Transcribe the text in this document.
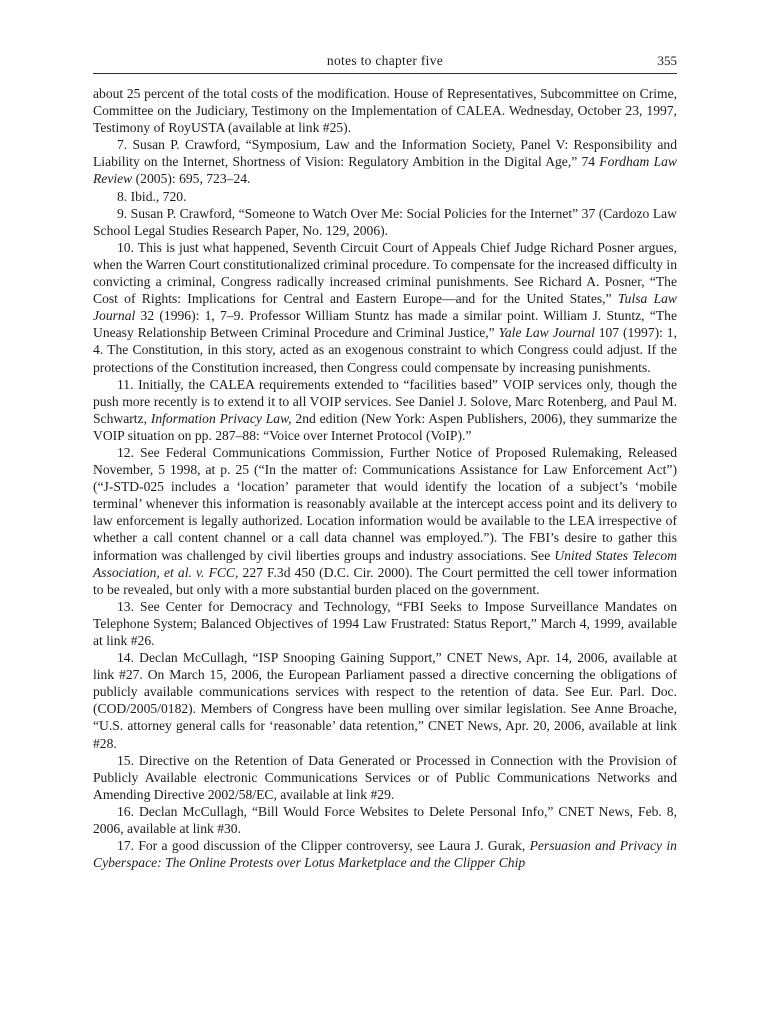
notes to chapter five	355

about 25 percent of the total costs of the modification. House of Representatives, Subcommittee on Crime, Committee on the Judiciary, Testimony on the Implementation of CALEA. Wednesday, October 23, 1997, Testimony of RoyUSTA (available at link #25).

7. Susan P. Crawford, “Symposium, Law and the Information Society, Panel V: Responsibility and Liability on the Internet, Shortness of Vision: Regulatory Ambition in the Digital Age,” 74 Fordham Law Review (2005): 695, 723–24.

8. Ibid., 720.

9. Susan P. Crawford, “Someone to Watch Over Me: Social Policies for the Internet” 37 (Cardozo Law School Legal Studies Research Paper, No. 129, 2006).

10. This is just what happened, Seventh Circuit Court of Appeals Chief Judge Richard Posner argues, when the Warren Court constitutionalized criminal procedure. To compensate for the increased difficulty in convicting a criminal, Congress radically increased criminal punishments. See Richard A. Posner, “The Cost of Rights: Implications for Central and Eastern Europe—and for the United States,” Tulsa Law Journal 32 (1996): 1, 7–9. Professor William Stuntz has made a similar point. William J. Stuntz, “The Uneasy Relationship Between Criminal Procedure and Criminal Justice,” Yale Law Journal 107 (1997): 1, 4. The Constitution, in this story, acted as an exogenous constraint to which Congress could adjust. If the protections of the Constitution increased, then Congress could compensate by increasing punishments.

11. Initially, the CALEA requirements extended to “facilities based” VOIP services only, though the push more recently is to extend it to all VOIP services. See Daniel J. Solove, Marc Rotenberg, and Paul M. Schwartz, Information Privacy Law, 2nd edition (New York: Aspen Publishers, 2006), they summarize the VOIP situation on pp. 287–88: “Voice over Internet Protocol (VoIP).”

12. See Federal Communications Commission, Further Notice of Proposed Rulemaking, Released November, 5 1998, at p. 25 (“In the matter of: Communications Assistance for Law Enforcement Act”) (“J-STD-025 includes a ‘location’ parameter that would identify the location of a subject’s ‘mobile terminal’ whenever this information is reasonably available at the intercept access point and its delivery to law enforcement is legally authorized. Location information would be available to the LEA irrespective of whether a call content channel or a call data channel was employed.”). The FBI’s desire to gather this information was challenged by civil liberties groups and industry associations. See United States Telecom Association, et al. v. FCC, 227 F.3d 450 (D.C. Cir. 2000). The Court permitted the cell tower information to be revealed, but only with a more substantial burden placed on the government.

13. See Center for Democracy and Technology, “FBI Seeks to Impose Surveillance Mandates on Telephone System; Balanced Objectives of 1994 Law Frustrated: Status Report,” March 4, 1999, available at link #26.

14. Declan McCullagh, “ISP Snooping Gaining Support,” CNET News, Apr. 14, 2006, available at link #27. On March 15, 2006, the European Parliament passed a directive concerning the obligations of publicly available communications services with respect to the retention of data. See Eur. Parl. Doc. (COD/2005/0182). Members of Congress have been mulling over similar legislation. See Anne Broache, “U.S. attorney general calls for ‘reasonable’ data retention,” CNET News, Apr. 20, 2006, available at link #28.

15. Directive on the Retention of Data Generated or Processed in Connection with the Provision of Publicly Available electronic Communications Services or of Public Communications Networks and Amending Directive 2002/58/EC, available at link #29.

16. Declan McCullagh, “Bill Would Force Websites to Delete Personal Info,” CNET News, Feb. 8, 2006, available at link #30.

17. For a good discussion of the Clipper controversy, see Laura J. Gurak, Persuasion and Privacy in Cyberspace: The Online Protests over Lotus Marketplace and the Clipper Chip
